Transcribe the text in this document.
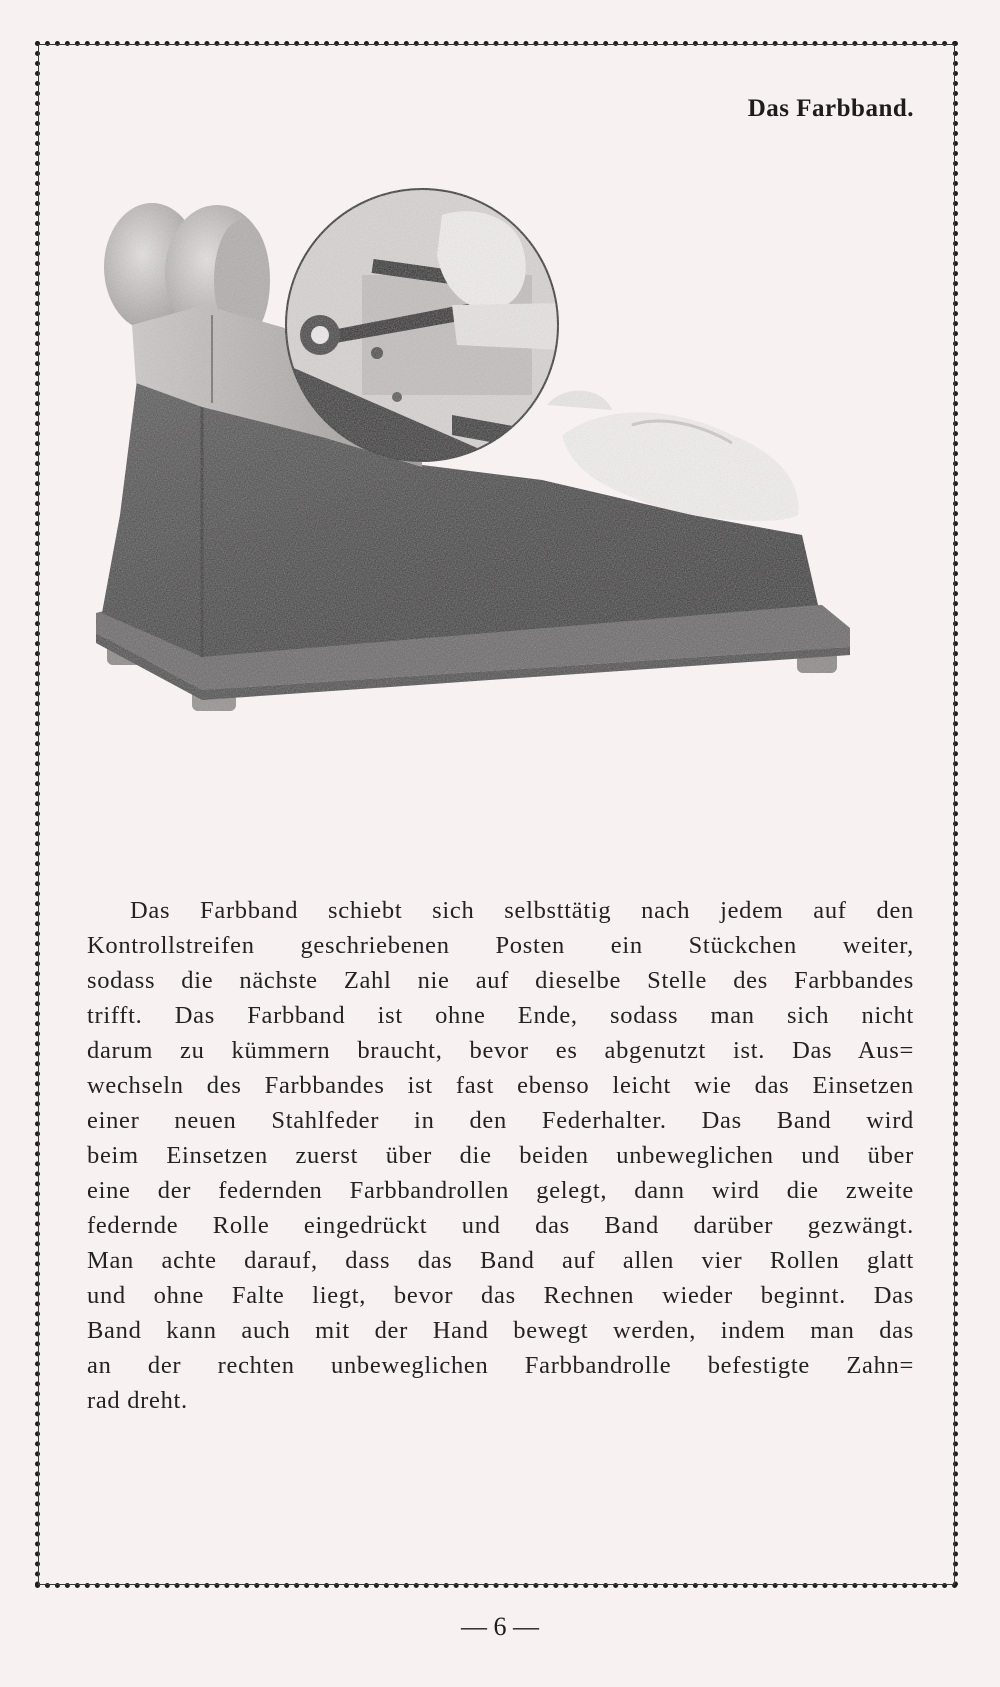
Das Farbband.

Das Farbband schiebt sich selbsttätig nach jedem auf den
Kontrollstreifen geschriebenen Posten ein Stückchen weiter,
sodass die nächste Zahl nie auf dieselbe Stelle des Farbbandes
trifft. Das Farbband ist ohne Ende, sodass man sich nicht
darum zu kümmern braucht, bevor es abgenutzt ist. Das Aus=
wechseln des Farbbandes ist fast ebenso leicht wie das Einsetzen
einer neuen Stahlfeder in den Federhalter. Das Band wird
beim Einsetzen zuerst über die beiden unbeweglichen und über
eine der federnden Farbbandrollen gelegt, dann wird die zweite
federnde Rolle eingedrückt und das Band darüber gezwängt.
Man achte darauf, dass das Band auf allen vier Rollen glatt
und ohne Falte liegt, bevor das Rechnen wieder beginnt. Das
Band kann auch mit der Hand bewegt werden, indem man das
an der rechten unbeweglichen Farbbandrolle befestigte Zahn=
rad dreht.

— 6 —
